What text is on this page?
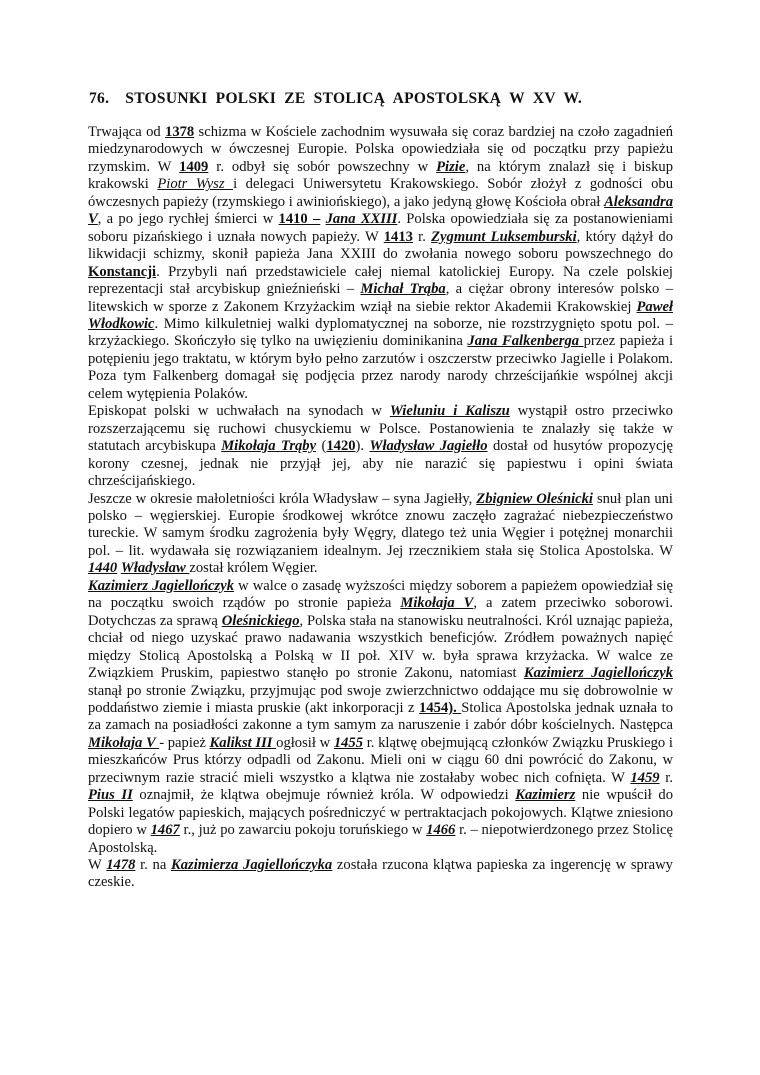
76. STOSUNKI POLSKI ZE STOLICĄ APOSTOLSKĄ W XV W.

Trwająca od 1378 schizma w Kościele zachodnim wysuwała się coraz bardziej na czoło zagadnień miedzynarodowych w ówczesnej Europie. Polska opowiedziała się od początku przy papieżu rzymskim. W 1409 r. odbył się sobór powszechny w Pizie, na którym znalazł się i biskup krakowski Piotr Wysz i delegaci Uniwersytetu Krakowskiego. Sobór złożył z godności obu ówczesnych papieży (rzymskiego i awiniońskiego), a jako jedyną głowę Kościoła obrał Aleksandra V, a po jego rychłej śmierci w 1410 – Jana XXIII. Polska opowiedziała się za postanowieniami soboru pizańskiego i uznała nowych papieży. W 1413 r. Zygmunt Luksemburski, który dążył do likwidacji schizmy, skonił papieża Jana XXIII do zwołania nowego soboru powszechnego do Konstancji. Przybyli nań przedstawiciele całej niemal katolickiej Europy. Na czele polskiej reprezentacji stał arcybiskup gnieźnieński – Michał Trąba, a ciężar obrony interesów polsko – litewskich w sporze z Zakonem Krzyżackim wziął na siebie rektor Akademii Krakowskiej Paweł Włodkowic. Mimo kilkuletniej walki dyplomatycznej na soborze, nie rozstrzygnięto spotu pol. – krzyżackiego. Skończyło się tylko na uwięzieniu dominikanina Jana Falkenberga przez papieża i potępieniu jego traktatu, w którym było pełno zarzutów i oszczerstw przeciwko Jagielle i Polakom. Poza tym Falkenberg domagał się podjęcia przez narody narody chrześcijańkie wspólnej akcji celem wytępienia Polaków.

Episkopat polski w uchwałach na synodach w Wieluniu i Kaliszu wystąpił ostro przeciwko rozszerzającemu się ruchowi chusyckiemu w Polsce. Postanowienia te znalazły się także w statutach arcybiskupa Mikołaja Trąby (1420). Władysław Jagiełło dostał od husytów propozycję korony czesnej, jednak nie przyjął jej, aby nie narazić się papiestwu i opini świata chrześcijańskiego.

Jeszcze w okresie małoletniości króla Władysław – syna Jagiełły, Zbigniew Oleśnicki snuł plan uni polsko – węgierskiej. Europie środkowej wkrótce znowu zaczęło zagrażać niebezpieczeństwo tureckie. W samym środku zagrożenia były Węgry, dlatego też unia Węgier i potężnej monarchii pol. – lit. wydawała się rozwiązaniem idealnym. Jej rzecznikiem stała się Stolica Apostolska. W 1440 Władysław został królem Węgier.

Kazimierz Jagiellończyk w walce o zasadę wyższości między soborem a papieżem opowiedział się na początku swoich rządów po stronie papieża Mikołaja V, a zatem przeciwko soborowi. Dotychczas za sprawą Oleśnickiego, Polska stała na stanowisku neutralności. Król uznając papieża, chciał od niego uzyskać prawo nadawania wszystkich beneficjów. Zródłem poważnych napięć między Stolicą Apostolską a Polską w II poł. XIV w. była sprawa krzyżacka. W walce ze Związkiem Pruskim, papiestwo stanęło po stronie Zakonu, natomiast Kazimierz Jagiellończyk stanął po stronie Związku, przyjmując pod swoje zwierzchnictwo oddające mu się dobrowolnie w poddaństwo ziemie i miasta pruskie (akt inkorporacji z 1454). Stolica Apostolska jednak uznała to za zamach na posiadłości zakonne a tym samym za naruszenie i zabór dóbr kościelnych. Następca Mikołaja V - papież Kalikst III ogłosił w 1455 r. klątwę obejmującą członków Związku Pruskiego i mieszkańców Prus którzy odpadli od Zakonu. Mieli oni w ciągu 60 dni powrócić do Zakonu, w przeciwnym razie stracić mieli wszystko a klątwa nie zostałaby wobec nich cofnięta. W 1459 r. Pius II oznajmił, że klątwa obejmuje również króla. W odpowiedzi Kazimierz nie wpuścił do Polski legatów papieskich, mających pośredniczyć w pertraktacjach pokojowych. Klątwe zniesiono dopiero w 1467 r., już po zawarciu pokoju toruńskiego w 1466 r. – niepotwierdzonego przez Stolicę Apostolską.

W 1478 r. na Kazimierza Jagiellończyka została rzucona klątwa papieska za ingerencję w sprawy czeskie.
